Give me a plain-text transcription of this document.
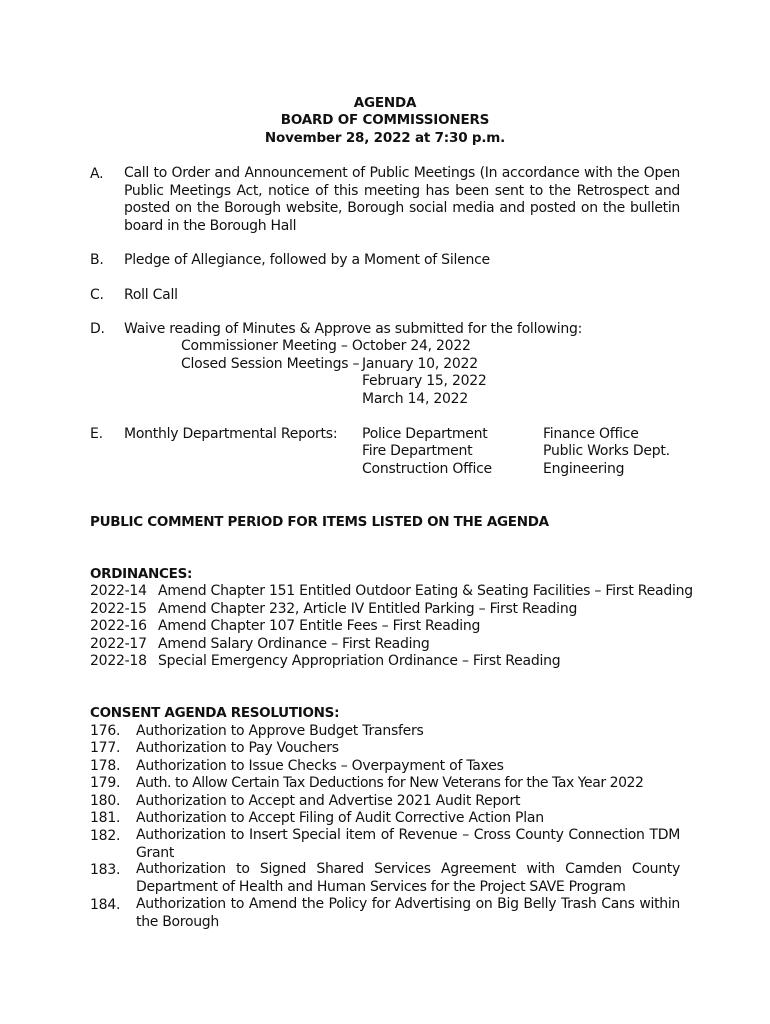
AGENDA
BOARD OF COMMISSIONERS
November 28, 2022 at 7:30 p.m.
A. Call to Order and Announcement of Public Meetings (In accordance with the Open Public Meetings Act, notice of this meeting has been sent to the Retrospect and posted on the Borough website, Borough social media and posted on the bulletin board in the Borough Hall
B. Pledge of Allegiance, followed by a Moment of Silence
C. Roll Call
D. Waive reading of Minutes & Approve as submitted for the following:
Commissioner Meeting – October 24, 2022
Closed Session Meetings – January 10, 2022
February 15, 2022
March 14, 2022
E. Monthly Departmental Reports: Police Department
Fire Department
Construction Office
Finance Office
Public Works Dept.
Engineering
PUBLIC COMMENT PERIOD FOR ITEMS LISTED ON THE AGENDA
ORDINANCES:
2022-14 Amend Chapter 151 Entitled Outdoor Eating & Seating Facilities – First Reading
2022-15 Amend Chapter 232, Article IV Entitled Parking – First Reading
2022-16 Amend Chapter 107 Entitle Fees – First Reading
2022-17 Amend Salary Ordinance – First Reading
2022-18 Special Emergency Appropriation Ordinance – First Reading
CONSENT AGENDA RESOLUTIONS:
176. Authorization to Approve Budget Transfers
177. Authorization to Pay Vouchers
178. Authorization to Issue Checks – Overpayment of Taxes
179. Auth. to Allow Certain Tax Deductions for New Veterans for the Tax Year 2022
180. Authorization to Accept and Advertise 2021 Audit Report
181. Authorization to Accept Filing of Audit Corrective Action Plan
182. Authorization to Insert Special item of Revenue – Cross County Connection TDM Grant
183. Authorization to Signed Shared Services Agreement with Camden County Department of Health and Human Services for the Project SAVE Program
184. Authorization to Amend the Policy for Advertising on Big Belly Trash Cans within the Borough
